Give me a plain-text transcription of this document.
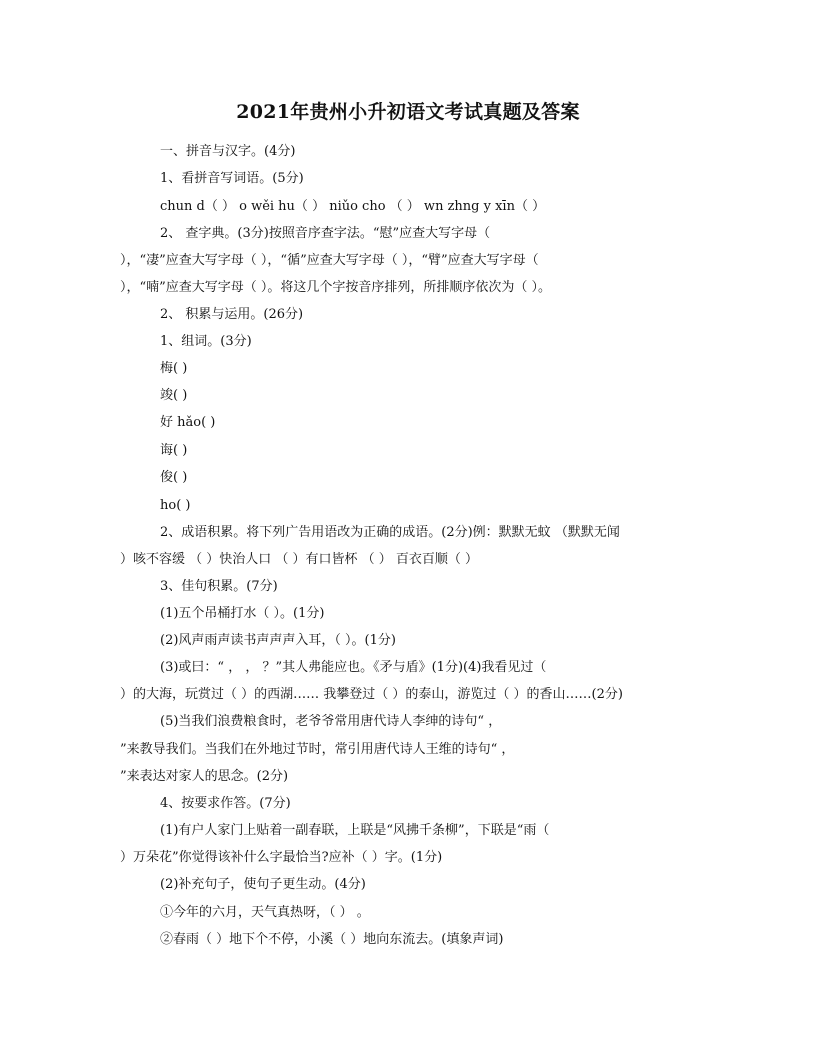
2021年贵州小升初语文考试真题及答案
一、拼音与汉字。(4分)
1、看拼音写词语。(5分)
chun d（ ） o wěi hu（ ） niǔo cho （ ） wn zhng y xīn（ ）
2、 查字典。(3分)按照音序查字法。“慰”应查大写字母（
），“凄”应查大写字母（ ），“循”应查大写字母（ ），“臂”应查大写字母（
），“喃”应查大写字母（ ）。将这几个字按音序排列，所排顺序依次为（ ）。
2、 积累与运用。(26分)
1、组词。(3分)
梅( )
竣( )
好 hǎo( )
诲( )
俊( )
ho( )
2、成语积累。将下列广告用语改为正确的成语。(2分)例：默默无蚊 （默默无闻
）咳不容缓 （ ）快治人口 （ ）有口皆杯 （ ） 百衣百顺（ ）
3、佳句积累。(7分)
(1)五个吊桶打水（ ）。(1分)
(2)风声雨声读书声声声入耳，（ ）。(1分)
(3)或曰：“ ， ， ？”其人弗能应也。《矛与盾》(1分)(4)我看见过（
）的大海，玩赏过（ ）的西湖…… 我攀登过（ ）的泰山，游览过（ ）的香山……(2分)
(5)当我们浪费粮食时，老爷爷常用唐代诗人李绅的诗句“ ，
”来教导我们。当我们在外地过节时，常引用唐代诗人王维的诗句“ ，
”来表达对家人的思念。(2分)
4、按要求作答。(7分)
(1)有户人家门上贴着一副春联，上联是“风拂千条柳”，下联是“雨（
）万朵花”你觉得该补什么字最恰当?应补（ ）字。(1分)
(2)补充句子，使句子更生动。(4分)
①今年的六月，天气真热呀，（ ） 。
②春雨（ ）地下个不停，小溪（ ）地向东流去。(填象声词)
